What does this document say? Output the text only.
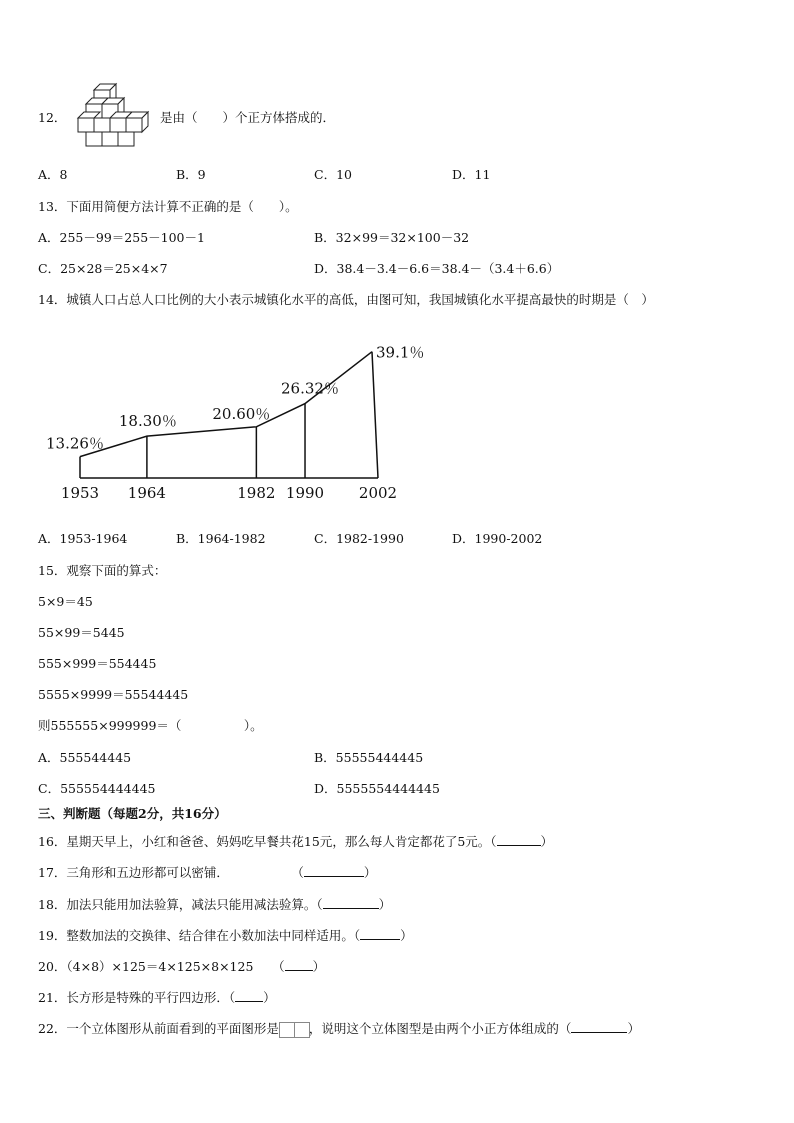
12．	是由（　　）个正方体搭成的．
A．8	B．9	C．10	D．11
13．下面用简便方法计算不正确的是（　　）。
A．255－99＝255－100－1	B．32×99＝32×100－32
C．25×28＝25×4×7	D．38.4－3.4－6.6＝38.4－（3.4＋6.6）
14．城镇人口占总人口比例的大小表示城镇化水平的高低，由图可知，我国城镇化水平提高最快的时期是（　）
13.26％
18.30％ 20.60％
26.32％
39.1％
1953 1964	1982 1990 2002
A．1953-1964	B．1964-1982	C．1982-1990	D．1990-2002
15．观察下面的算式：
5×9＝45
55×99＝5445
555×999＝554445
5555×9999＝55544445
则555555×999999＝（　　　　　）。
A．555544445	B．55555444445
C．555554444445	D．5555554444445
三、判断题（每题2分，共16分）
16．星期天早上，小红和爸爸、妈妈吃早餐共花15元，那么每人肯定都花了5元。（	）
17．三角形和五边形都可以密铺．　　　　　　（	）
18．加法只能用加法验算，减法只能用减法验算。（	）
19．整数加法的交换律、结合律在小数加法中同样适用。（	）
20．（4×8）×125＝4×125×8×125　　（ ）
21．长方形是特殊的平行四边形．（ ）
22．一个立体图形从前面看到的平面图形是 ，说明这个立体图型是由两个小正方体组成的（	）
